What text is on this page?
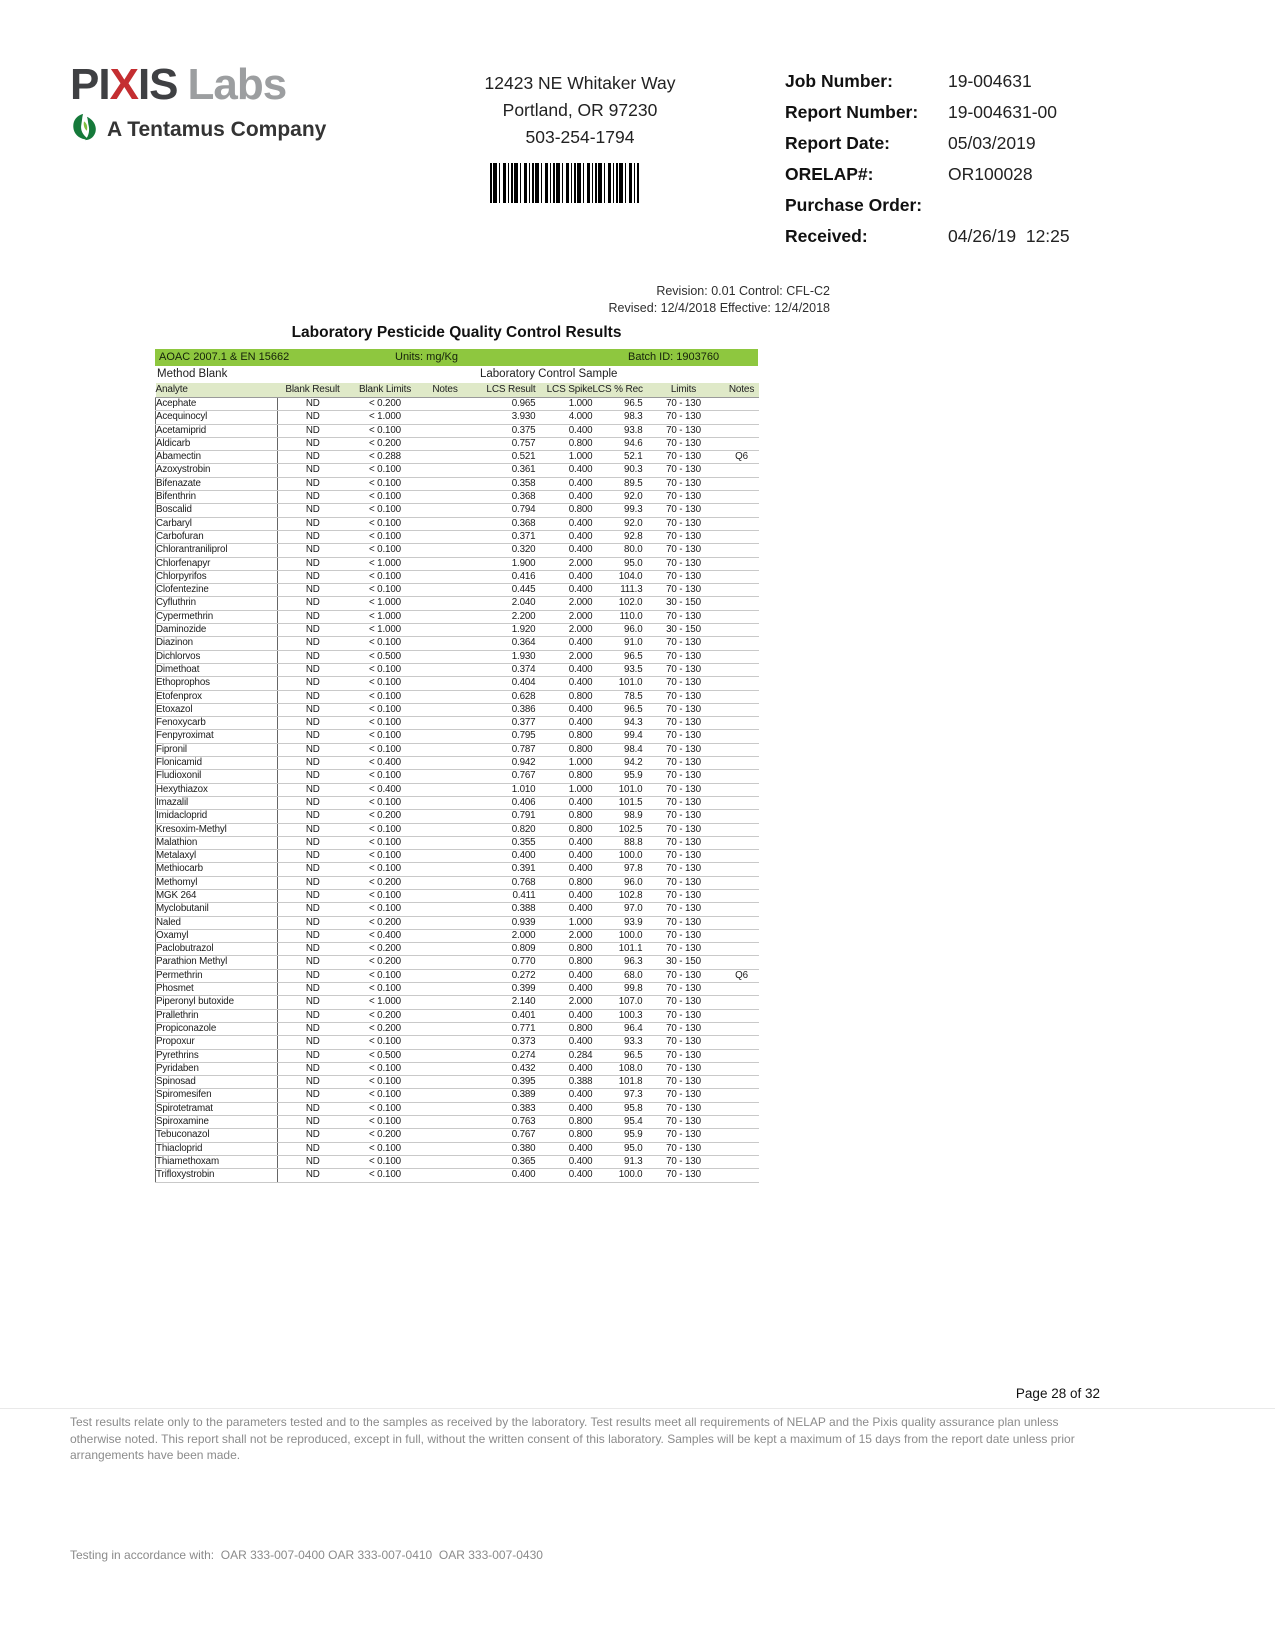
PIXIS Labs
A Tentamus Company
12423 NE Whitaker Way
Portland, OR 97230
503-254-1794
Job Number:	19-004631
Report Number:	19-004631-00
Report Date:	05/03/2019
ORELAP#:	OR100028
Purchase Order:
Received:	04/26/19  12:25
Revision: 0.01 Control: CFL-C2
Revised: 12/4/2018 Effective: 12/4/2018
Laboratory Pesticide Quality Control Results
AOAC 2007.1 & EN 15662	Units: mg/Kg	Batch ID: 1903760
Method Blank	Laboratory Control Sample
Analyte	Blank Result	Blank Limits	Notes	LCS Result	LCS Spike	LCS % Rec	Limits	Notes
Acephate	ND	< 0.200		0.965	1.000	96.5	70 - 130	
Acequinocyl	ND	< 1.000		3.930	4.000	98.3	70 - 130	
Acetamiprid	ND	< 0.100		0.375	0.400	93.8	70 - 130	
Aldicarb	ND	< 0.200		0.757	0.800	94.6	70 - 130	
Abamectin	ND	< 0.288		0.521	1.000	52.1	70 - 130	Q6
Azoxystrobin	ND	< 0.100		0.361	0.400	90.3	70 - 130	
Bifenazate	ND	< 0.100		0.358	0.400	89.5	70 - 130	
Bifenthrin	ND	< 0.100		0.368	0.400	92.0	70 - 130	
Boscalid	ND	< 0.100		0.794	0.800	99.3	70 - 130	
Carbaryl	ND	< 0.100		0.368	0.400	92.0	70 - 130	
Carbofuran	ND	< 0.100		0.371	0.400	92.8	70 - 130	
Chlorantraniliprol	ND	< 0.100		0.320	0.400	80.0	70 - 130	
Chlorfenapyr	ND	< 1.000		1.900	2.000	95.0	70 - 130	
Chlorpyrifos	ND	< 0.100		0.416	0.400	104.0	70 - 130	
Clofentezine	ND	< 0.100		0.445	0.400	111.3	70 - 130	
Cyfluthrin	ND	< 1.000		2.040	2.000	102.0	30 - 150	
Cypermethrin	ND	< 1.000		2.200	2.000	110.0	70 - 130	
Daminozide	ND	< 1.000		1.920	2.000	96.0	30 - 150	
Diazinon	ND	< 0.100		0.364	0.400	91.0	70 - 130	
Dichlorvos	ND	< 0.500		1.930	2.000	96.5	70 - 130	
Dimethoat	ND	< 0.100		0.374	0.400	93.5	70 - 130	
Ethoprophos	ND	< 0.100		0.404	0.400	101.0	70 - 130	
Etofenprox	ND	< 0.100		0.628	0.800	78.5	70 - 130	
Etoxazol	ND	< 0.100		0.386	0.400	96.5	70 - 130	
Fenoxycarb	ND	< 0.100		0.377	0.400	94.3	70 - 130	
Fenpyroximat	ND	< 0.100		0.795	0.800	99.4	70 - 130	
Fipronil	ND	< 0.100		0.787	0.800	98.4	70 - 130	
Flonicamid	ND	< 0.400		0.942	1.000	94.2	70 - 130	
Fludioxonil	ND	< 0.100		0.767	0.800	95.9	70 - 130	
Hexythiazox	ND	< 0.400		1.010	1.000	101.0	70 - 130	
Imazalil	ND	< 0.100		0.406	0.400	101.5	70 - 130	
Imidacloprid	ND	< 0.200		0.791	0.800	98.9	70 - 130	
Kresoxim-Methyl	ND	< 0.100		0.820	0.800	102.5	70 - 130	
Malathion	ND	< 0.100		0.355	0.400	88.8	70 - 130	
Metalaxyl	ND	< 0.100		0.400	0.400	100.0	70 - 130	
Methiocarb	ND	< 0.100		0.391	0.400	97.8	70 - 130	
Methomyl	ND	< 0.200		0.768	0.800	96.0	70 - 130	
MGK 264	ND	< 0.100		0.411	0.400	102.8	70 - 130	
Myclobutanil	ND	< 0.100		0.388	0.400	97.0	70 - 130	
Naled	ND	< 0.200		0.939	1.000	93.9	70 - 130	
Oxamyl	ND	< 0.400		2.000	2.000	100.0	70 - 130	
Paclobutrazol	ND	< 0.200		0.809	0.800	101.1	70 - 130	
Parathion Methyl	ND	< 0.200		0.770	0.800	96.3	30 - 150	
Permethrin	ND	< 0.100		0.272	0.400	68.0	70 - 130	Q6
Phosmet	ND	< 0.100		0.399	0.400	99.8	70 - 130	
Piperonyl butoxide	ND	< 1.000		2.140	2.000	107.0	70 - 130	
Prallethrin	ND	< 0.200		0.401	0.400	100.3	70 - 130	
Propiconazole	ND	< 0.200		0.771	0.800	96.4	70 - 130	
Propoxur	ND	< 0.100		0.373	0.400	93.3	70 - 130	
Pyrethrins	ND	< 0.500		0.274	0.284	96.5	70 - 130	
Pyridaben	ND	< 0.100		0.432	0.400	108.0	70 - 130	
Spinosad	ND	< 0.100		0.395	0.388	101.8	70 - 130	
Spiromesifen	ND	< 0.100		0.389	0.400	97.3	70 - 130	
Spirotetramat	ND	< 0.100		0.383	0.400	95.8	70 - 130	
Spiroxamine	ND	< 0.100		0.763	0.800	95.4	70 - 130	
Tebuconazol	ND	< 0.200		0.767	0.800	95.9	70 - 130	
Thiacloprid	ND	< 0.100		0.380	0.400	95.0	70 - 130	
Thiamethoxam	ND	< 0.100		0.365	0.400	91.3	70 - 130	
Trifloxystrobin	ND	< 0.100		0.400	0.400	100.0	70 - 130	
Page 28 of 32
Test results relate only to the parameters tested and to the samples as received by the laboratory. Test results meet all requirements of NELAP and the Pixis quality assurance plan unless
otherwise noted. This report shall not be reproduced, except in full, without the written consent of this laboratory. Samples will be kept a maximum of 15 days from the report date unless prior
arrangements have been made.
Testing in accordance with:  OAR 333-007-0400 OAR 333-007-0410  OAR 333-007-0430
